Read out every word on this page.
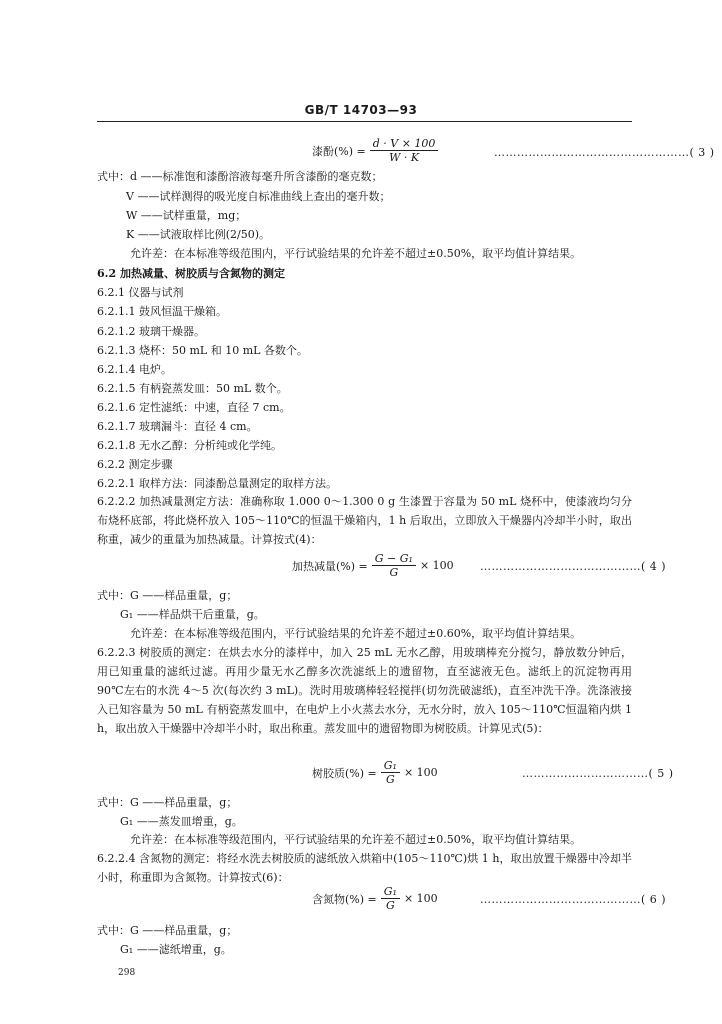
GB/T 14703—93
漆酚(%) = $\frac{d \cdot V \times 100}{W \cdot K}$	……………………………………………( 3 )
式中：d ——标准饱和漆酚溶液每毫升所含漆酚的毫克数；
V ——试样测得的吸光度自标准曲线上查出的毫升数；
W ——试样重量，mg；
K ——试液取样比例(2/50)。
允许差：在本标准等级范围内，平行试验结果的允许差不超过±0.50%，取平均值计算结果。
6.2 加热减量、树胶质与含氮物的测定
6.2.1 仪器与试剂
6.2.1.1 鼓风恒温干燥箱。
6.2.1.2 玻璃干燥器。
6.2.1.3 烧杯：50 mL 和 10 mL 各数个。
6.2.1.4 电炉。
6.2.1.5 有柄瓷蒸发皿：50 mL 数个。
6.2.1.6 定性滤纸：中速，直径 7 cm。
6.2.1.7 玻璃漏斗：直径 4 cm。
6.2.1.8 无水乙醇：分析纯或化学纯。
6.2.2 测定步骤
6.2.2.1 取样方法：同漆酚总量测定的取样方法。
6.2.2.2 加热减量测定方法：准确称取 1.000 0～1.300 0 g 生漆置于容量为 50 mL 烧杯中，使漆液均匀分布烧杯底部，将此烧杯放入 105～110℃的恒温干燥箱内，1 h 后取出，立即放入干燥器内冷却半小时，取出称重，减少的重量为加热减量。计算按式(4)：
加热减量(%) = $\frac{\text{G − G₁}}{G} \times 100$ ……………………………………( 4 )
式中：G ——样品重量，g；
G₁ ——样品烘干后重量，g。
允许差：在本标准等级范围内，平行试验结果的允许差不超过±0.60%，取平均值计算结果。
6.2.2.3 树胶质的测定：在烘去水分的漆样中，加入 25 mL 无水乙醇，用玻璃棒充分搅匀，静放数分钟后，用已知重量的滤纸过滤。再用少量无水乙醇多次洗滤纸上的遗留物，直至滤液无色。滤纸上的沉淀物再用 90℃左右的水洗 4～5 次(每次约 3 mL)。洗时用玻璃棒轻轻搅拌(切勿洗破滤纸)，直至冲洗干净。洗涤液接入已知容量为 50 mL 有柄瓷蒸发皿中，在电炉上小火蒸去水分，无水分时，放入 105～110℃恒温箱内烘 1 h，取出放入干燥器中冷却半小时，取出称重。蒸发皿中的遗留物即为树胶质。计算见式(5)：
树胶质(%) = $\frac{\text{G₁}}{G} \times 100$	……………………………( 5 )
式中：G ——样品重量，g；
G₁ ——蒸发皿增重，g。
允许差：在本标准等级范围内，平行试验结果的允许差不超过±0.50%，取平均值计算结果。
6.2.2.4 含氮物的测定：将经水洗去树胶质的滤纸放入烘箱中(105～110℃)烘 1 h，取出放置干燥器中冷却半小时，称重即为含氮物。计算按式(6)：
含氮物(%) = $\frac{\text{G₁}}{G} \times 100$	……………………………………( 6 )
式中：G ——样品重量，g；
G₁ ——滤纸增重，g。
298
